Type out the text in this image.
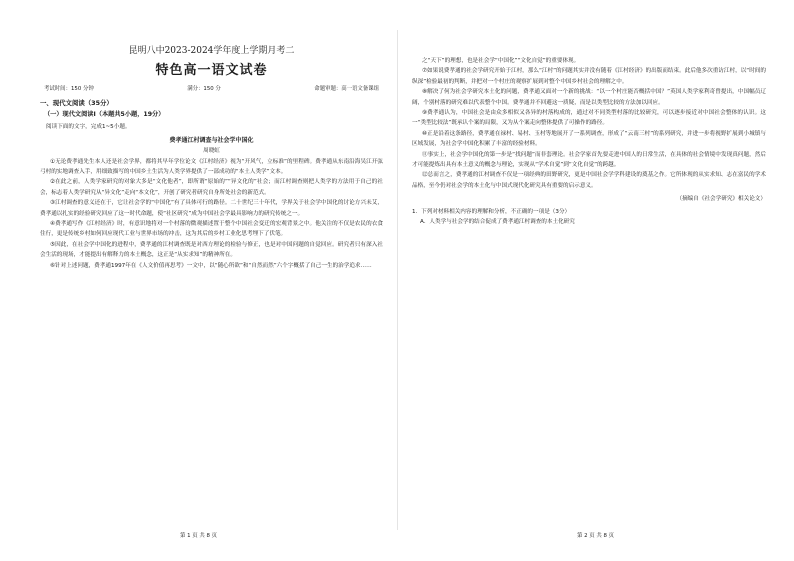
昆明八中2023-2024学年度上学期月考二
特色高一语文试卷
考试时间：150 分钟	满分：150 分	命题审题：高一语文备课组
一、现代文阅读（35分）
（一）现代文阅读Ⅰ（本题共5小题，19分）
阅读下面的文字，完成1~5小题。
费孝通江村调查与社会学中国化
周晓虹

①无论费孝通先生本人还是社会学界，都将其早年学位论文《江村经济》视为“开风气，立标准”的里程碑。费孝通从东南沿海吴江开弦弓村的实地调查入手，用细致描写的中国乡土生活为人类学界提供了一部成功的“本土人类学”文本。

②在此之前，人类学家研究的对象大多是“文化他者”，即所谓“原始的”“异文化的”社会；而江村调查则把人类学的方法用于自己的社会，标志着人类学研究从“异文化”走向“本文化”，开创了研究者研究自身所处社会的新范式。

③江村调查的意义还在于，它让社会学的“中国化”有了具体可行的路径。二十世纪三十年代，学界关于社会学中国化的讨论方兴未艾，费孝通以扎实的经验研究回应了这一时代命题，使“社区研究”成为中国社会学最具影响力的研究传统之一。

④费孝通写作《江村经济》时，有意识地将对一个村落的微观描述置于整个中国社会变迁的宏观背景之中。他关注的不仅是农民的衣食住行，更是传统乡村如何回应现代工业与世界市场的冲击，这为其后的乡村工业化思考埋下了伏笔。

⑤因此，在社会学中国化的进程中，费孝通的江村调查既是对西方理论的检验与修正，也是对中国问题的自觉回应。研究者只有深入社会生活的现场，才能提出有解释力的本土概念，这正是“从实求知”的精神所在。

⑥针对上述问题，费孝通1997年在《人文价值再思考》一文中，以“随心所欲”和“自然而然”六个字概括了自己一生的治学追求……

第 1 页 共 8 页

之“天下”的理想，也是社会学“中国化”“文化自觉”的重要体现。

⑦如果说费孝通的社会学研究开始于江村，那么“江村”的问题其实并没有随着《江村经济》的出版而结束。此后他多次重访江村，以“时间的纵深”检验最初的判断，并把对一个村庄的观察扩展到对整个中国乡村社会的理解之中。

⑧解决了何为社会学研究本土化的问题，费孝通又面对一个新的挑战：“以一个村庄能否概括中国？”英国人类学家利奇曾提出，中国幅员辽阔，个别村落的研究难以代表整个中国。费孝通并不回避这一质疑，而是以类型比较的方法加以回应。

⑨费孝通认为，中国社会是由众多相似又各异的村落构成的，通过对不同类型村落的比较研究，可以逐步接近对中国社会整体的认识。这一“类型比较法”既承认个案的局限，又为从个案走向整体提供了可操作的路径。

⑩正是沿着这条路径，费孝通在禄村、易村、玉村等地展开了一系列调查，形成了“云南三村”的系列研究，并进一步将视野扩展到小城镇与区域发展，为社会学中国化积累了丰富的经验材料。

⑪事实上，社会学中国化的第一步是“找问题”而非套理论。社会学家首先要走进中国人的日常生活，在具体的社会情境中发现真问题，然后才可能提炼出具有本土意义的概念与理论，实现从“学术自觉”到“文化自觉”的跨越。

⑫总而言之，费孝通的江村调查不仅是一项经典的田野研究，更是中国社会学学科建设的奠基之作。它所体现的从实求知、志在富民的学术品格，至今仍对社会学的本土化与中国式现代化研究具有重要的启示意义。

（摘编自《社会学研究》相关论文）
1．下列对材料相关内容的理解和分析，不正确的一项是（3分）
A．人类学与社会学的结合促成了费孝通江村调查的本土化研究
第 2 页 共 8 页
